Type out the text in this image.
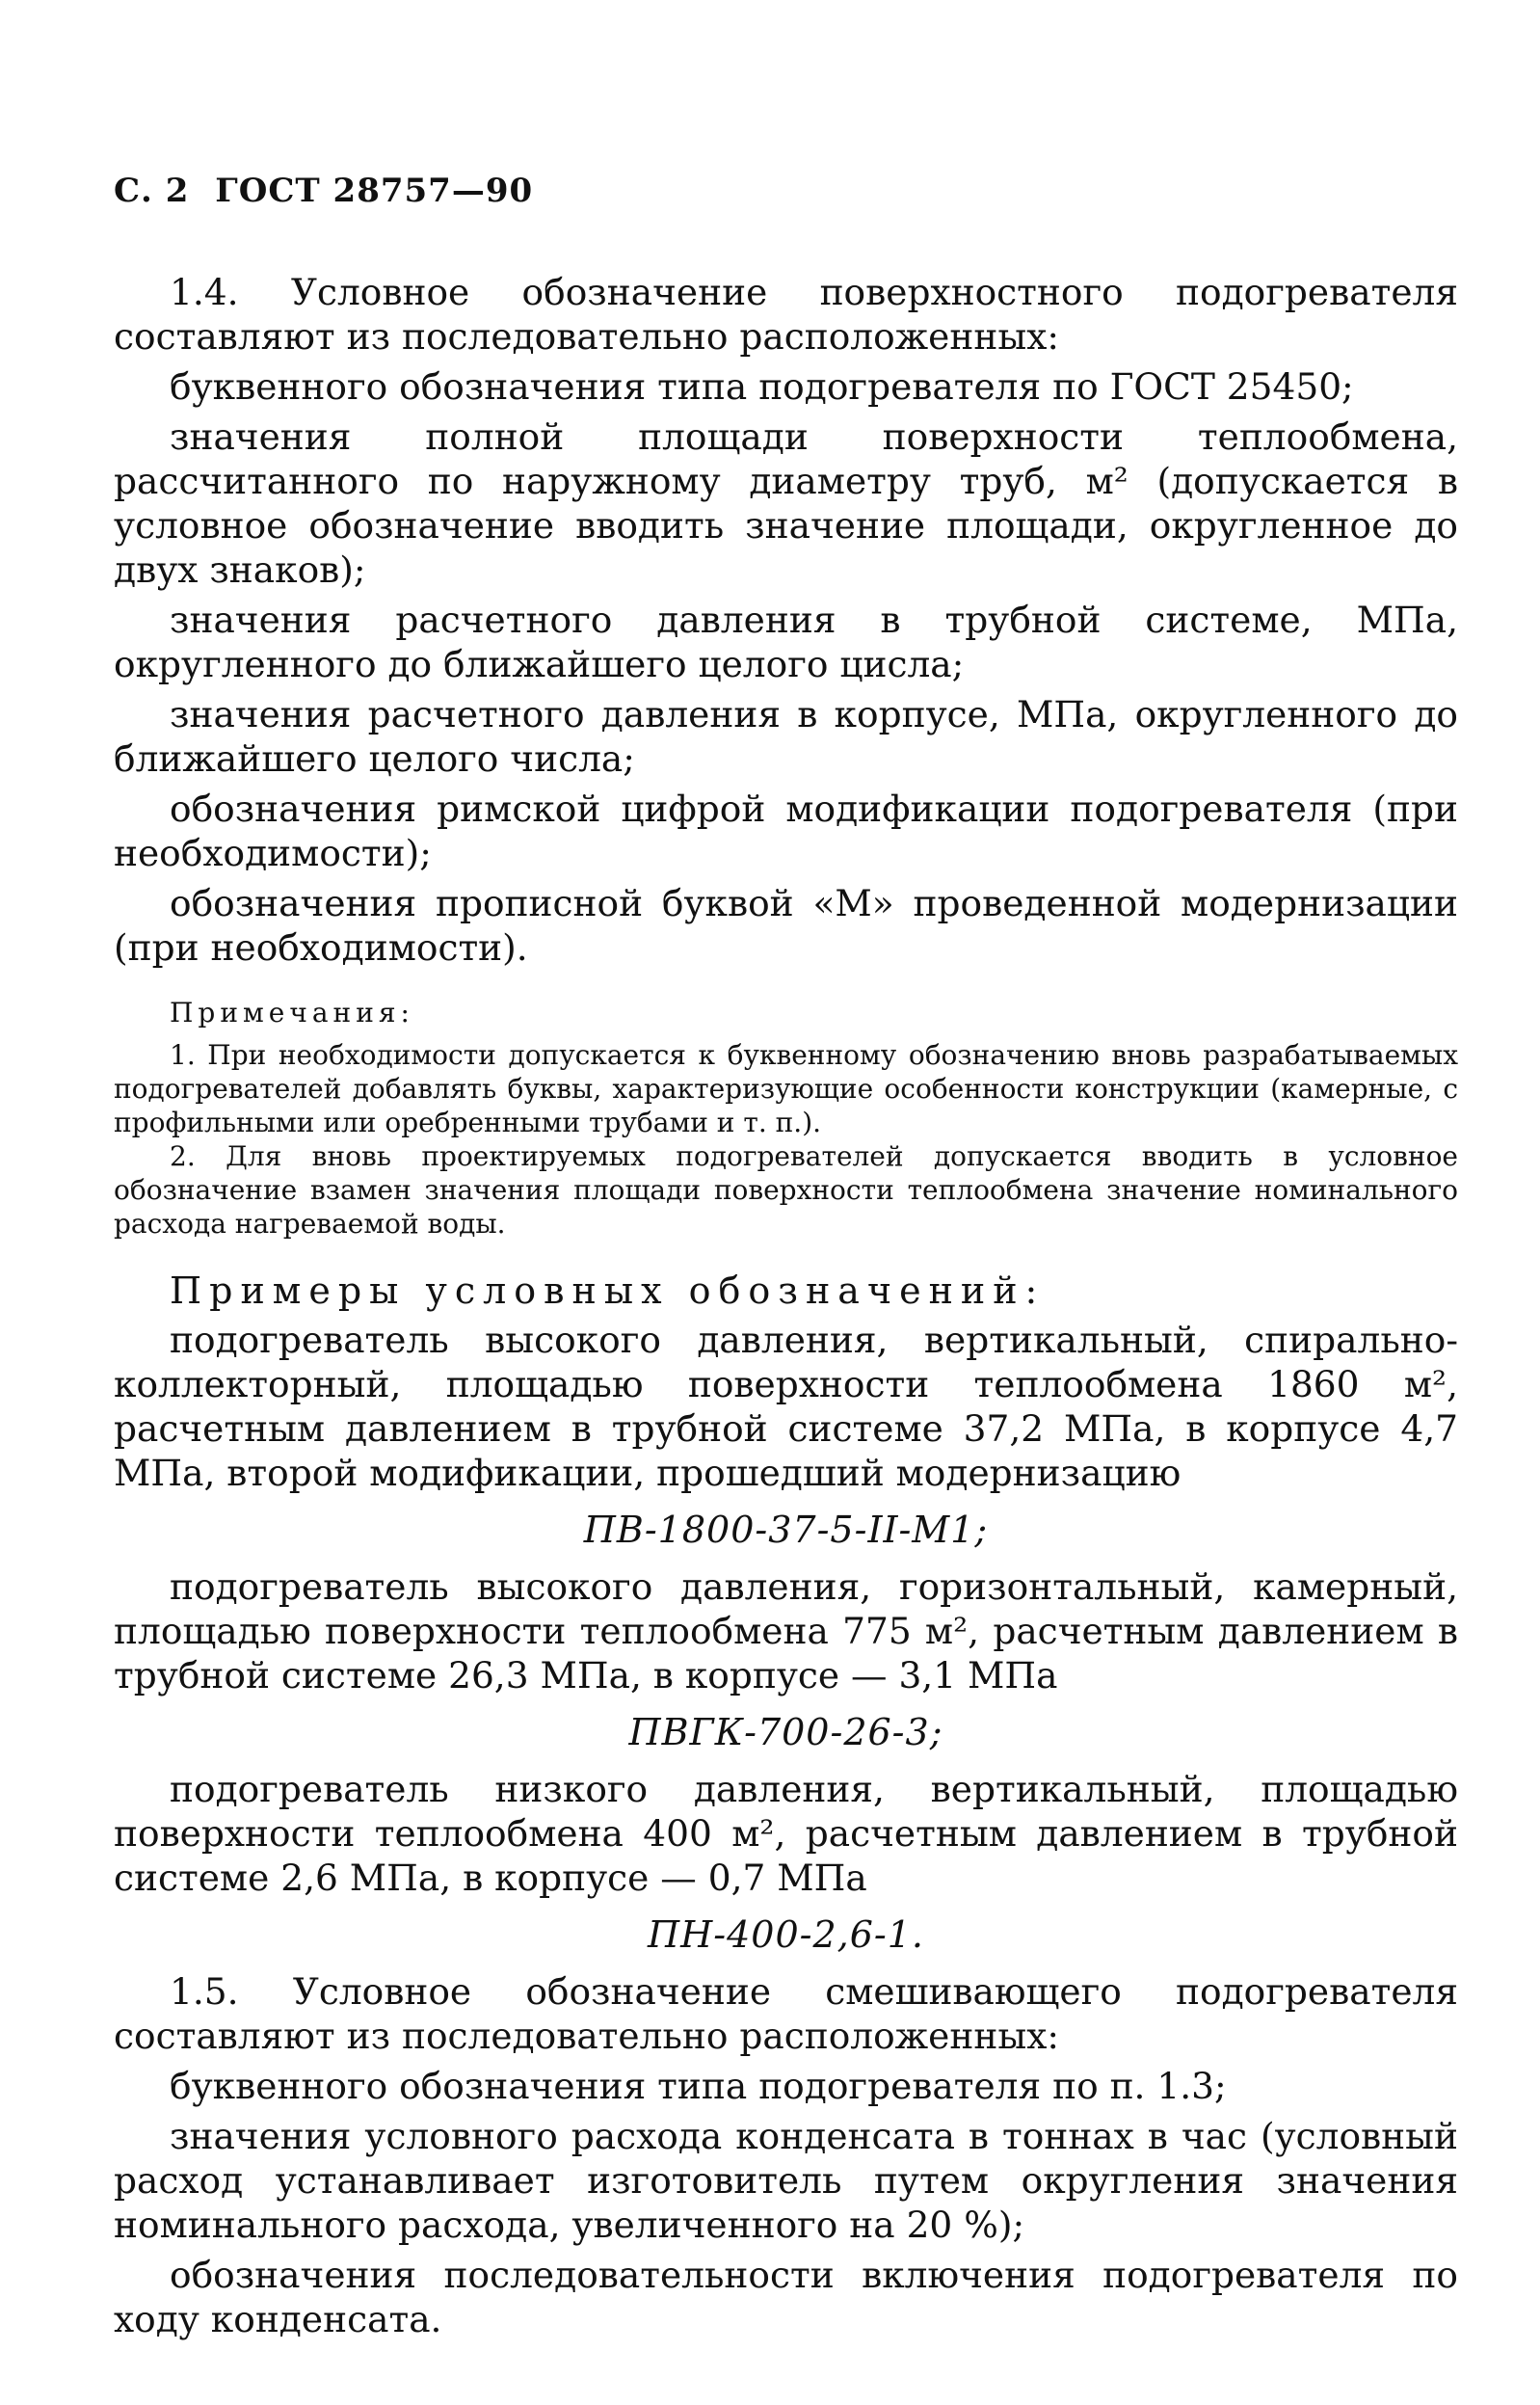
С. 2 ГОСТ 28757—90

1.4. Условное обозначение поверхностного подогревателя составляют из последовательно расположенных:

буквенного обозначения типа подогревателя по ГОСТ 25450;

значения полной площади поверхности теплообмена, рассчитанного по наружному диаметру труб, м² (допускается в условное обозначение вводить значение площади, округленное до двух знаков);

значения расчетного давления в трубной системе, МПа, округленного до ближайшего целого цисла;

значения расчетного давления в корпусе, МПа, округленного до ближайшего целого числа;

обозначения римской цифрой модификации подогревателя (при необходимости);

обозначения прописной буквой «М» проведенной модернизации (при необходимости).

Примечания:

1. При необходимости допускается к буквенному обозначению вновь разрабатываемых подогревателей добавлять буквы, характеризующие особенности конструкции (камерные, с профильными или оребренными трубами и т. п.).

2. Для вновь проектируемых подогревателей допускается вводить в условное обозначение взамен значения площади поверхности теплообмена значение номинального расхода нагреваемой воды.

Примеры условных обозначений:

подогреватель высокого давления, вертикальный, спирально-коллекторный, площадью поверхности теплообмена 1860 м², расчетным давлением в трубной системе 37,2 МПа, в корпусе 4,7 МПа, второй модификации, прошедший модернизацию

ПВ-1800-37-5-II-M1;

подогреватель высокого давления, горизонтальный, камерный, площадью поверхности теплообмена 775 м², расчетным давлением в трубной системе 26,3 МПа, в корпусе — 3,1 МПа

ПВГК-700-26-3;

подогреватель низкого давления, вертикальный, площадью поверхности теплообмена 400 м², расчетным давлением в трубной системе 2,6 МПа, в корпусе — 0,7 МПа

ПН-400-2,6-1.

1.5. Условное обозначение смешивающего подогревателя составляют из последовательно расположенных:

буквенного обозначения типа подогревателя по п. 1.3;

значения условного расхода конденсата в тоннах в час (условный расход устанавливает изготовитель путем округления значения номинального расхода, увеличенного на 20 %);

обозначения последовательности включения подогревателя по ходу конденсата.
